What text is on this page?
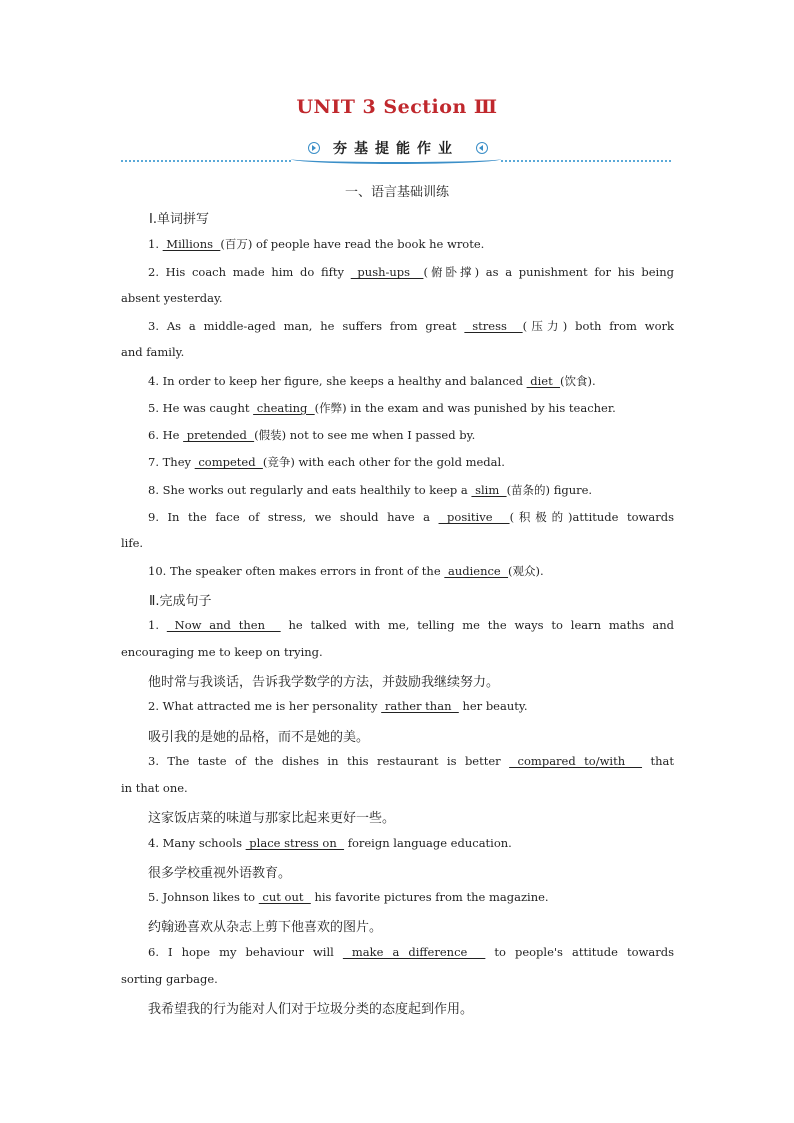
UNIT 3 Section Ⅲ
夯基提能作业
一、语言基础训练
Ⅰ.单词拼写
1.  Millions  (百万) of people have read the book he wrote.
2. His coach made him do fifty  push-ups  (俯卧撑) as a punishment for his being
absent yesterday.
3. As a middle-aged man, he suffers from great  stress  (压力) both from work
and family.
4. In order to keep her figure, she keeps a healthy and balanced  diet  (饮食).
5. He was caught  cheating  (作弊) in the exam and was punished by his teacher.
6. He  pretended  (假装) not to see me when I passed by.
7. They  competed  (竞争) with each other for the gold medal.
8. She works out regularly and eats healthily to keep a  slim  (苗条的) figure.
9. In the face of stress, we should have a  positive  (积极的)attitude towards
life.
10. The speaker often makes errors in front of the  audience  (观众).
Ⅱ.完成句子
1.  Now and then   he talked with me, telling me the ways to learn maths and
encouraging me to keep on trying.
他时常与我谈话，告诉我学数学的方法，并鼓励我继续努力。
2. What attracted me is her personality  rather than   her beauty.
吸引我的是她的品格，而不是她的美。
3. The taste of the dishes in this restaurant is better  compared to/with   that
in that one.
这家饭店菜的味道与那家比起来更好一些。
4. Many schools  place stress on   foreign language education.
很多学校重视外语教育。
5. Johnson likes to  cut out   his favorite pictures from the magazine.
约翰逊喜欢从杂志上剪下他喜欢的图片。
6. I hope my behaviour will  make a difference   to people's attitude towards
sorting garbage.
我希望我的行为能对人们对于垃圾分类的态度起到作用。
